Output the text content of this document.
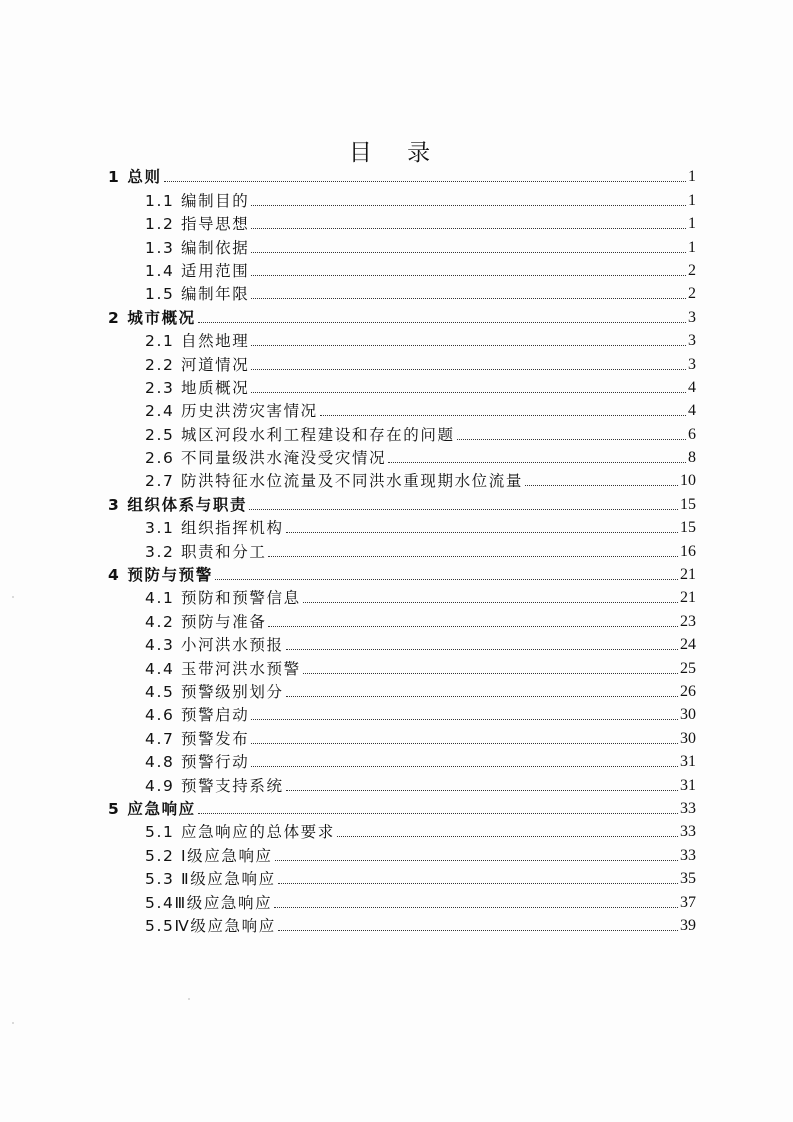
目 录
1 总则	1
1.1 编制目的	1
1.2 指导思想	1
1.3 编制依据	1
1.4 适用范围	2
1.5 编制年限	2
2 城市概况	3
2.1 自然地理	3
2.2 河道情况	3
2.3 地质概况	4
2.4 历史洪涝灾害情况	4
2.5 城区河段水利工程建设和存在的问题	6
2.6 不同量级洪水淹没受灾情况	8
2.7 防洪特征水位流量及不同洪水重现期水位流量	10
3 组织体系与职责	15
3.1 组织指挥机构	15
3.2 职责和分工	16
4 预防与预警	21
4.1 预防和预警信息	21
4.2 预防与准备	23
4.3 小河洪水预报	24
4.4 玉带河洪水预警	25
4.5 预警级别划分	26
4.6 预警启动	30
4.7 预警发布	30
4.8 预警行动	31
4.9 预警支持系统	31
5 应急响应	33
5.1 应急响应的总体要求	33
5.2 Ⅰ级应急响应	33
5.3 Ⅱ级应急响应	35
5.4Ⅲ级应急响应	37
5.5Ⅳ级应急响应	39
